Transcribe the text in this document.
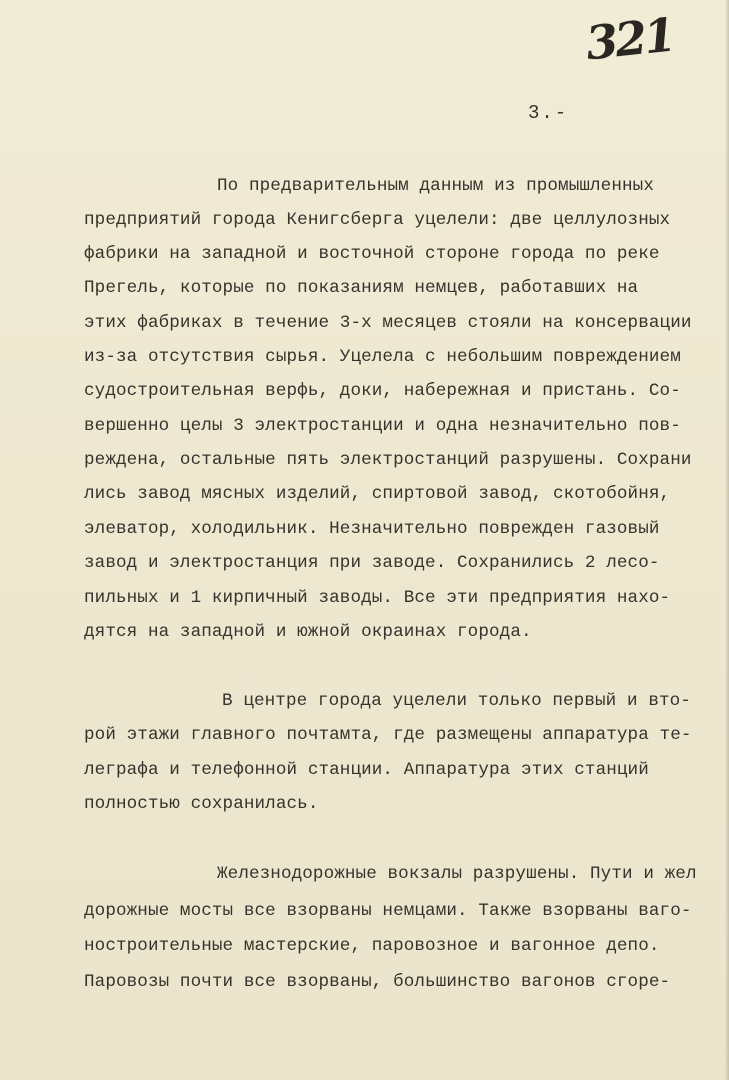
321
3.-

По предварительным данным из промышленных

предприятий города Кенигсберга уцелели: две целлулозных

фабрики на западной и восточной стороне города по реке

Прегель, которые по показаниям немцев, работавших на

этих фабриках в течение 3-х месяцев стояли на консервации

из-за отсутствия сырья. Уцелела с небольшим повреждением

судостроительная верфь, доки, набережная и пристань. Со-

вершенно целы 3 электростанции и одна незначительно пов-

реждена, остальные пять электростанций разрушены. Сохрани

лись завод мясных изделий, спиртовой завод, скотобойня,

элеватор, холодильник. Незначительно поврежден газовый

завод и электростанция при заводе. Сохранились 2 лесо-

пильных и 1 кирпичный заводы. Все эти предприятия нахо-

дятся на западной и южной окраинах города.

В центре города уцелели только первый и вто-

рой этажи главного почтамта, где размещены аппаратура те-

леграфа и телефонной станции. Аппаратура этих станций

полностью сохранилась.

Железнодорожные вокзалы разрушены. Пути и жел

дорожные мосты все взорваны немцами. Также взорваны ваго-

ностроительные мастерские, паровозное и вагонное депо.

Паровозы почти все взорваны, большинство вагонов сгоре-
